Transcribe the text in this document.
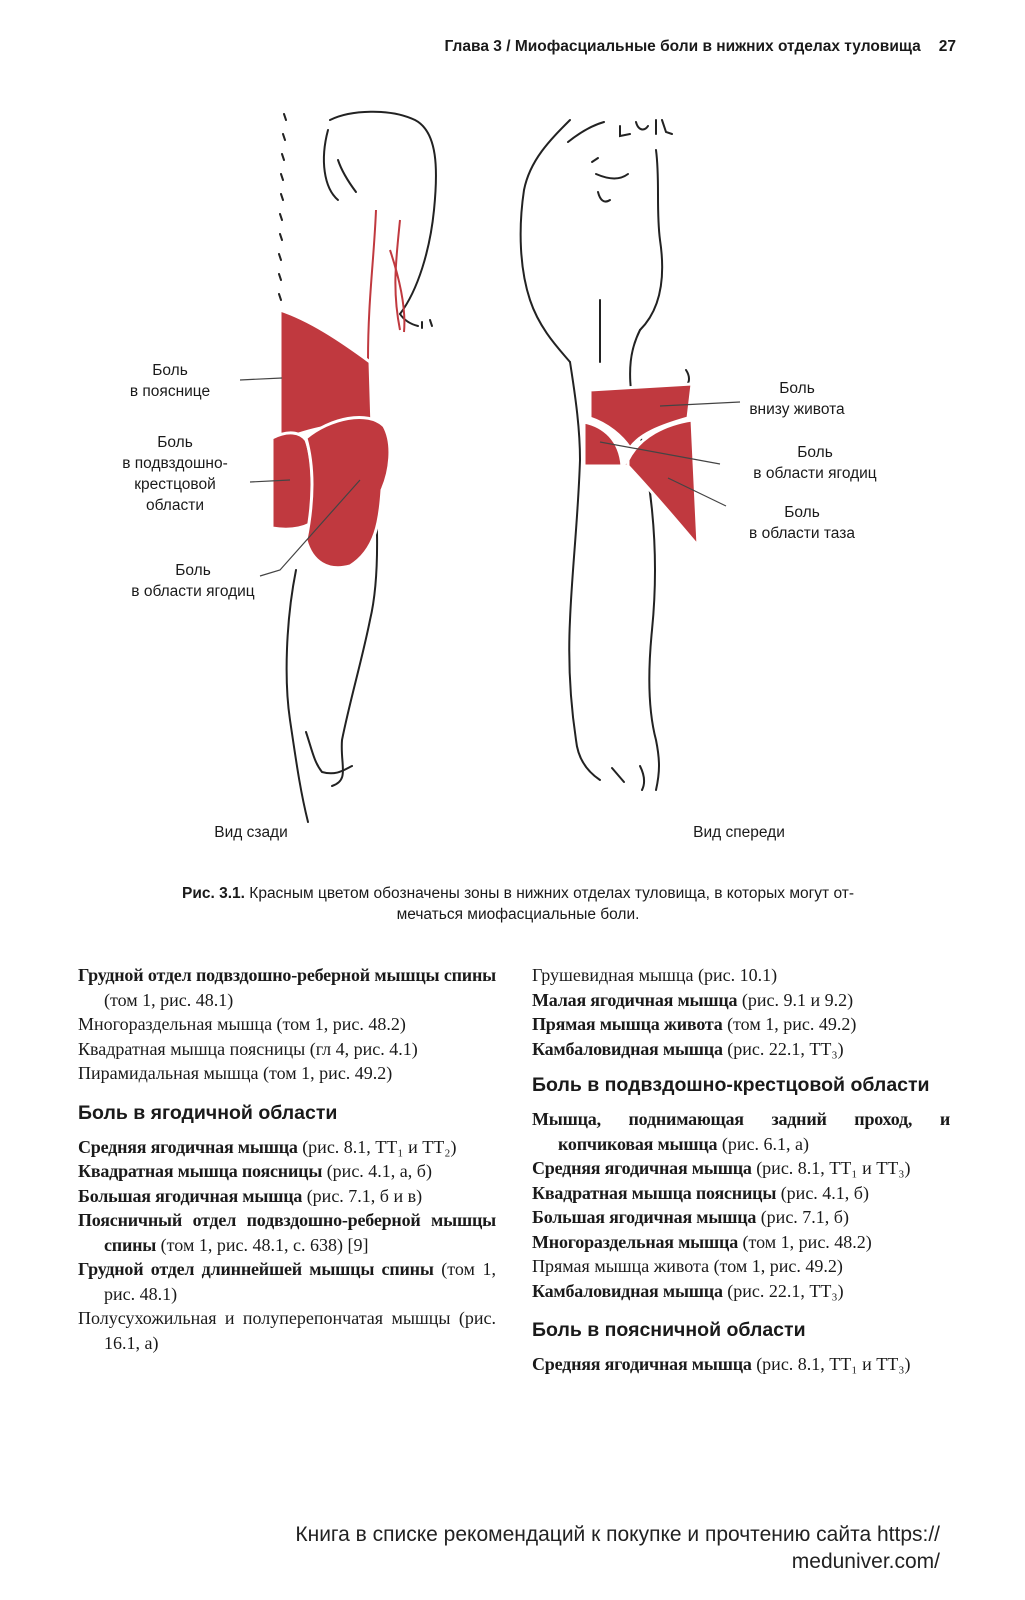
Глава 3 / Миофасциальные боли в нижних отделах туловища 27
Боль
в пояснице
Боль
в подвздошно-
крестцовой
области
Боль
в области ягодиц
Вид сзади
Боль
внизу живота
Боль
в области ягодиц
Боль
в области таза
Вид спереди
Рис. 3.1. Красным цветом обозначены зоны в нижних отделах туловища, в которых могут от-
мечаться миофасциальные боли.

Грудной отдел подвздошно-реберной мышцы спины (том 1, рис. 48.1)

Многораздельная мышца (том 1, рис. 48.2)

Квадратная мышца поясницы (гл 4, рис. 4.1)

Пирамидальная мышца (том 1, рис. 49.2)

Боль в ягодичной области

Средняя ягодичная мышца (рис. 8.1, ТТ₁ и ТТ₂)

Квадратная мышца поясницы (рис. 4.1, а, б)

Большая ягодичная мышца (рис. 7.1, б и в)

Поясничный отдел подвздошно-реберной мышцы спины (том 1, рис. 48.1, с. 638) [9]

Грудной отдел длиннейшей мышцы спины (том 1, рис. 48.1)

Полусухожильная и полуперепончатая мышцы (рис. 16.1, а)

Грушевидная мышца (рис. 10.1)

Малая ягодичная мышца (рис. 9.1 и 9.2)

Прямая мышца живота (том 1, рис. 49.2)

Камбаловидная мышца (рис. 22.1, ТТ₃)

Боль в подвздошно-крестцовой области

Мышца, поднимающая задний проход, и копчиковая мышца (рис. 6.1, а)

Средняя ягодичная мышца (рис. 8.1, ТТ₁ и ТТ₃)

Квадратная мышца поясницы (рис. 4.1, б)

Большая ягодичная мышца (рис. 7.1, б)

Многораздельная мышца (том 1, рис. 48.2)

Прямая мышца живота (том 1, рис. 49.2)

Камбаловидная мышца (рис. 22.1, ТТ₃)

Боль в поясничной области

Средняя ягодичная мышца (рис. 8.1, ТТ₁ и ТТ₃)

Книга в списке рекомендаций к покупке и прочтению сайта https://
meduniver.com/
